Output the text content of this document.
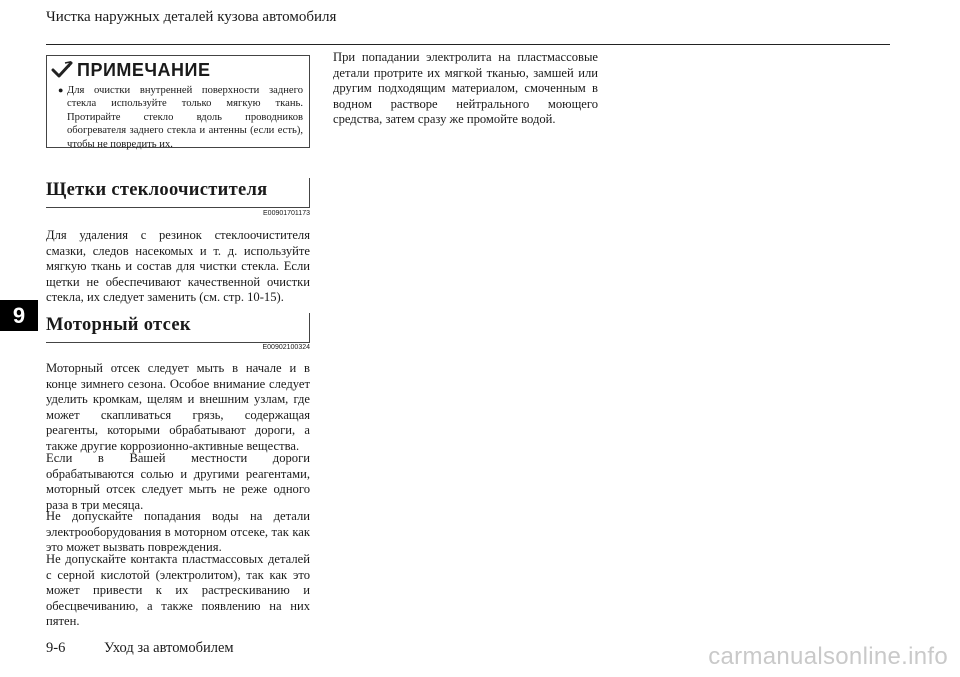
Чистка наружных деталей кузова автомобиля
9
ПРИМЕЧАНИЕ
● Для очистки внутренней поверхности заднего стекла используйте только мягкую ткань. Протирайте стекло вдоль проводников обогревателя заднего стекла и антенны (если есть), чтобы не повредить их.
Щетки стеклоочистителя
E00901701173
Для удаления с резинок стеклоочистителя смазки, следов насекомых и т. д. используйте мягкую ткань и состав для чистки стекла. Если щетки не обеспечивают качественной очистки стекла, их следует заменить (см. стр. 10-15).
Моторный отсек
E00902100324
Моторный отсек следует мыть в начале и в конце зимнего сезона. Особое внимание следует уделить кромкам, щелям и внешним узлам, где может скапливаться грязь, содержащая реагенты, которыми обрабатывают дороги, а также другие коррозионно-активные вещества.
Если в Вашей местности дороги обрабатываются солью и другими реагентами, моторный отсек следует мыть не реже одного раза в три месяца.
Не допускайте попадания воды на детали электрооборудования в моторном отсеке, так как это может вызвать повреждения.
Не допускайте контакта пластмассовых деталей с серной кислотой (электролитом), так как это может привести к их растрескиванию и обесцвечиванию, а также появлению на них пятен.
При попадании электролита на пластмассовые детали протрите их мягкой тканью, замшей или другим подходящим материалом, смоченным в водном растворе нейтрального моющего средства, затем сразу же промойте водой.
9-6	Уход за автомобилем	carmanualsonline.info
